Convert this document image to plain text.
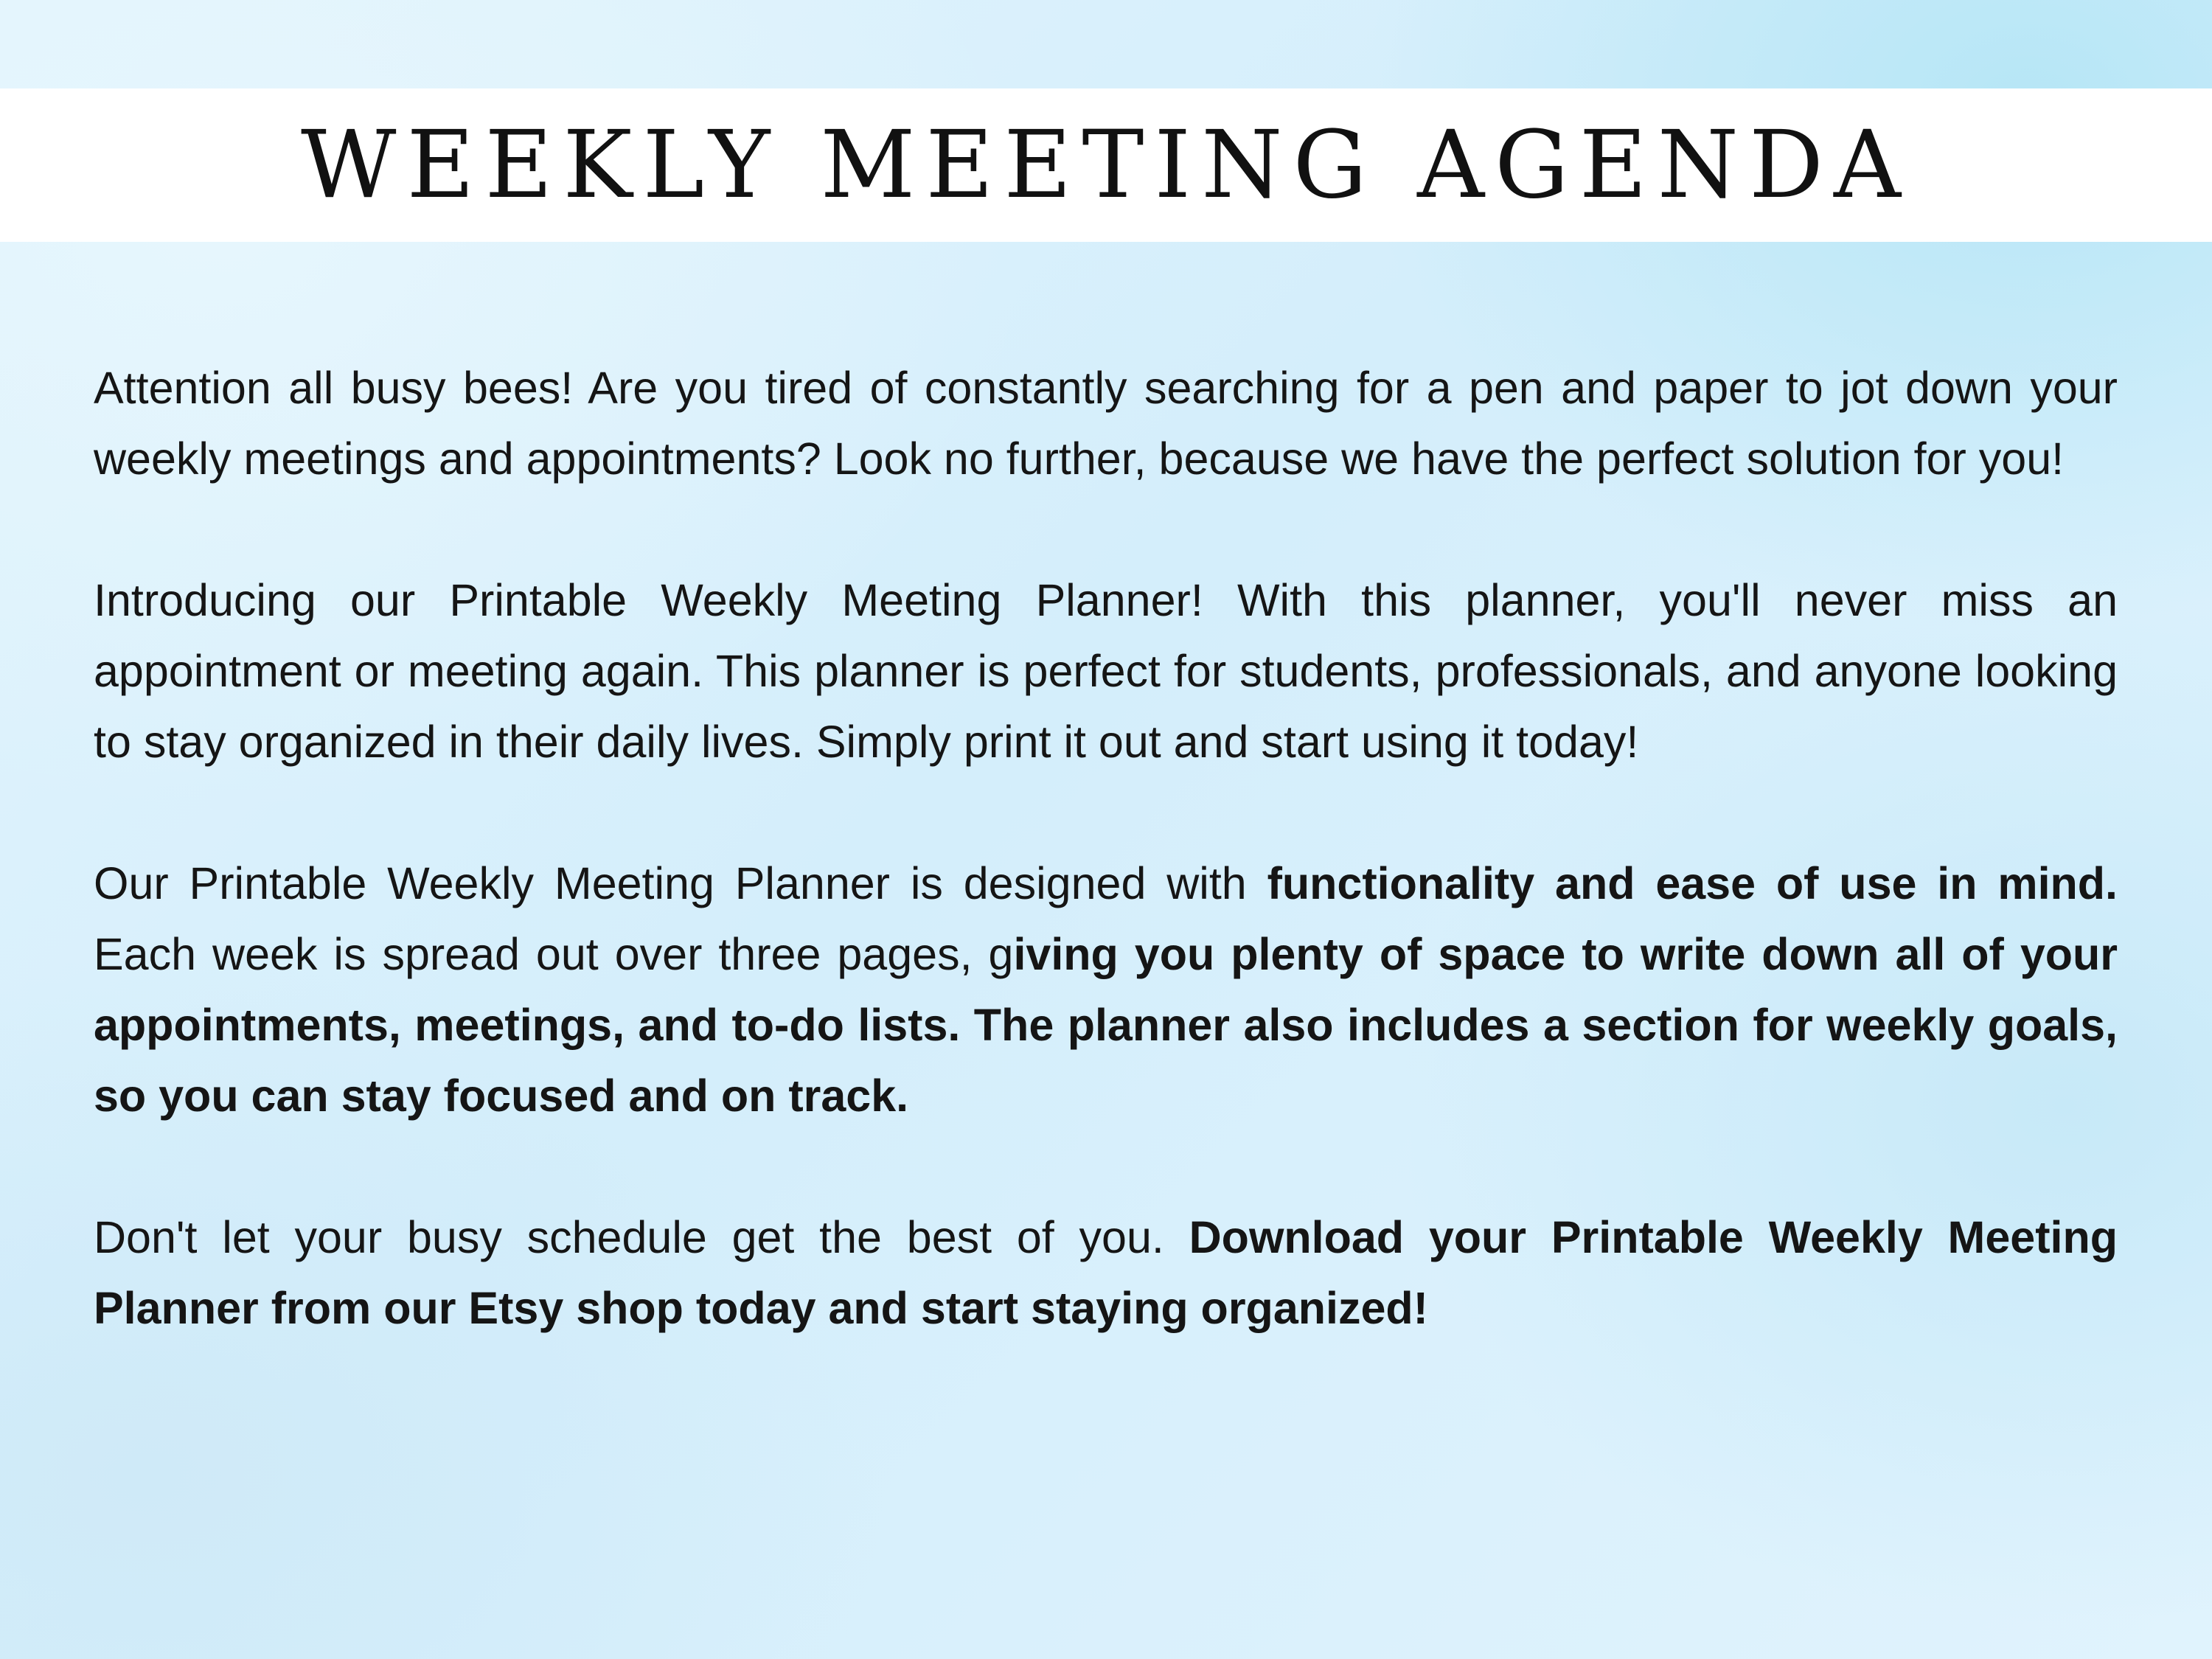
WEEKLY MEETING AGENDA

Attention all busy bees! Are you tired of constantly searching for a pen and paper to jot down your weekly meetings and appointments? Look no further, because we have the perfect solution for you!

Introducing our Printable Weekly Meeting Planner! With this planner, you'll never miss an appointment or meeting again. This planner is perfect for students, professionals, and anyone looking to stay organized in their daily lives. Simply print it out and start using it today!

Our Printable Weekly Meeting Planner is designed with functionality and ease of use in mind. Each week is spread out over three pages, giving you plenty of space to write down all of your appointments, meetings, and to-do lists. The planner also includes a section for weekly goals, so you can stay focused and on track.

Don't let your busy schedule get the best of you. Download your Printable Weekly Meeting Planner from our Etsy shop today and start staying organized!
